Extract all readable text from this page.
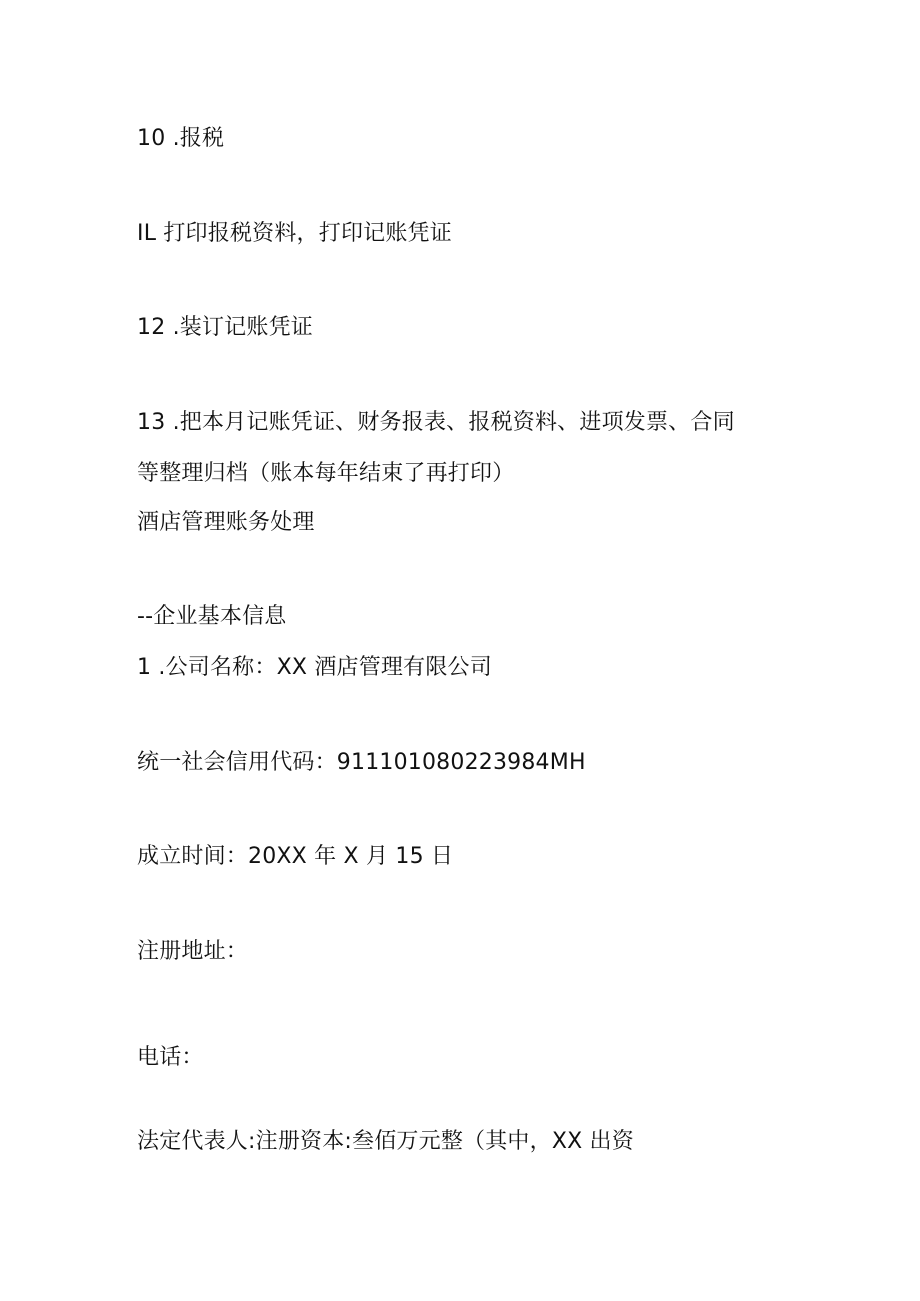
10 .报税
IL 打印报税资料，打印记账凭证
12 .装订记账凭证
13 .把本月记账凭证、财务报表、报税资料、进项发票、合同
等整理归档（账本每年结束了再打印）
酒店管理账务处理
--企业基本信息
1 .公司名称：XX 酒店管理有限公司
统一社会信用代码：911101080223984MH
成立时间：20XX 年 X 月 15 日
注册地址：
电话：
法定代表人:注册资本:叁佰万元整（其中，XX 出资
